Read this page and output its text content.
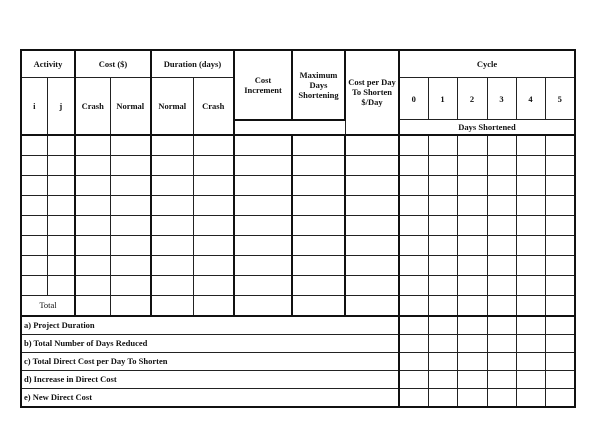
Activity		Cost ($)		Duration (days)		Cost Increment	Maximum Days Shortening	Cost per Day To Shorten $/Day	Cycle					
i	j	Crash	Normal	Normal	Crash				0	1	2	3	4	5
									Days Shortened					

Total														
a) Project Duration														
b) Total Number of Days Reduced														
c) Total Direct Cost per Day To Shorten														
d) Increase in Direct Cost														
e) New Direct Cost														
